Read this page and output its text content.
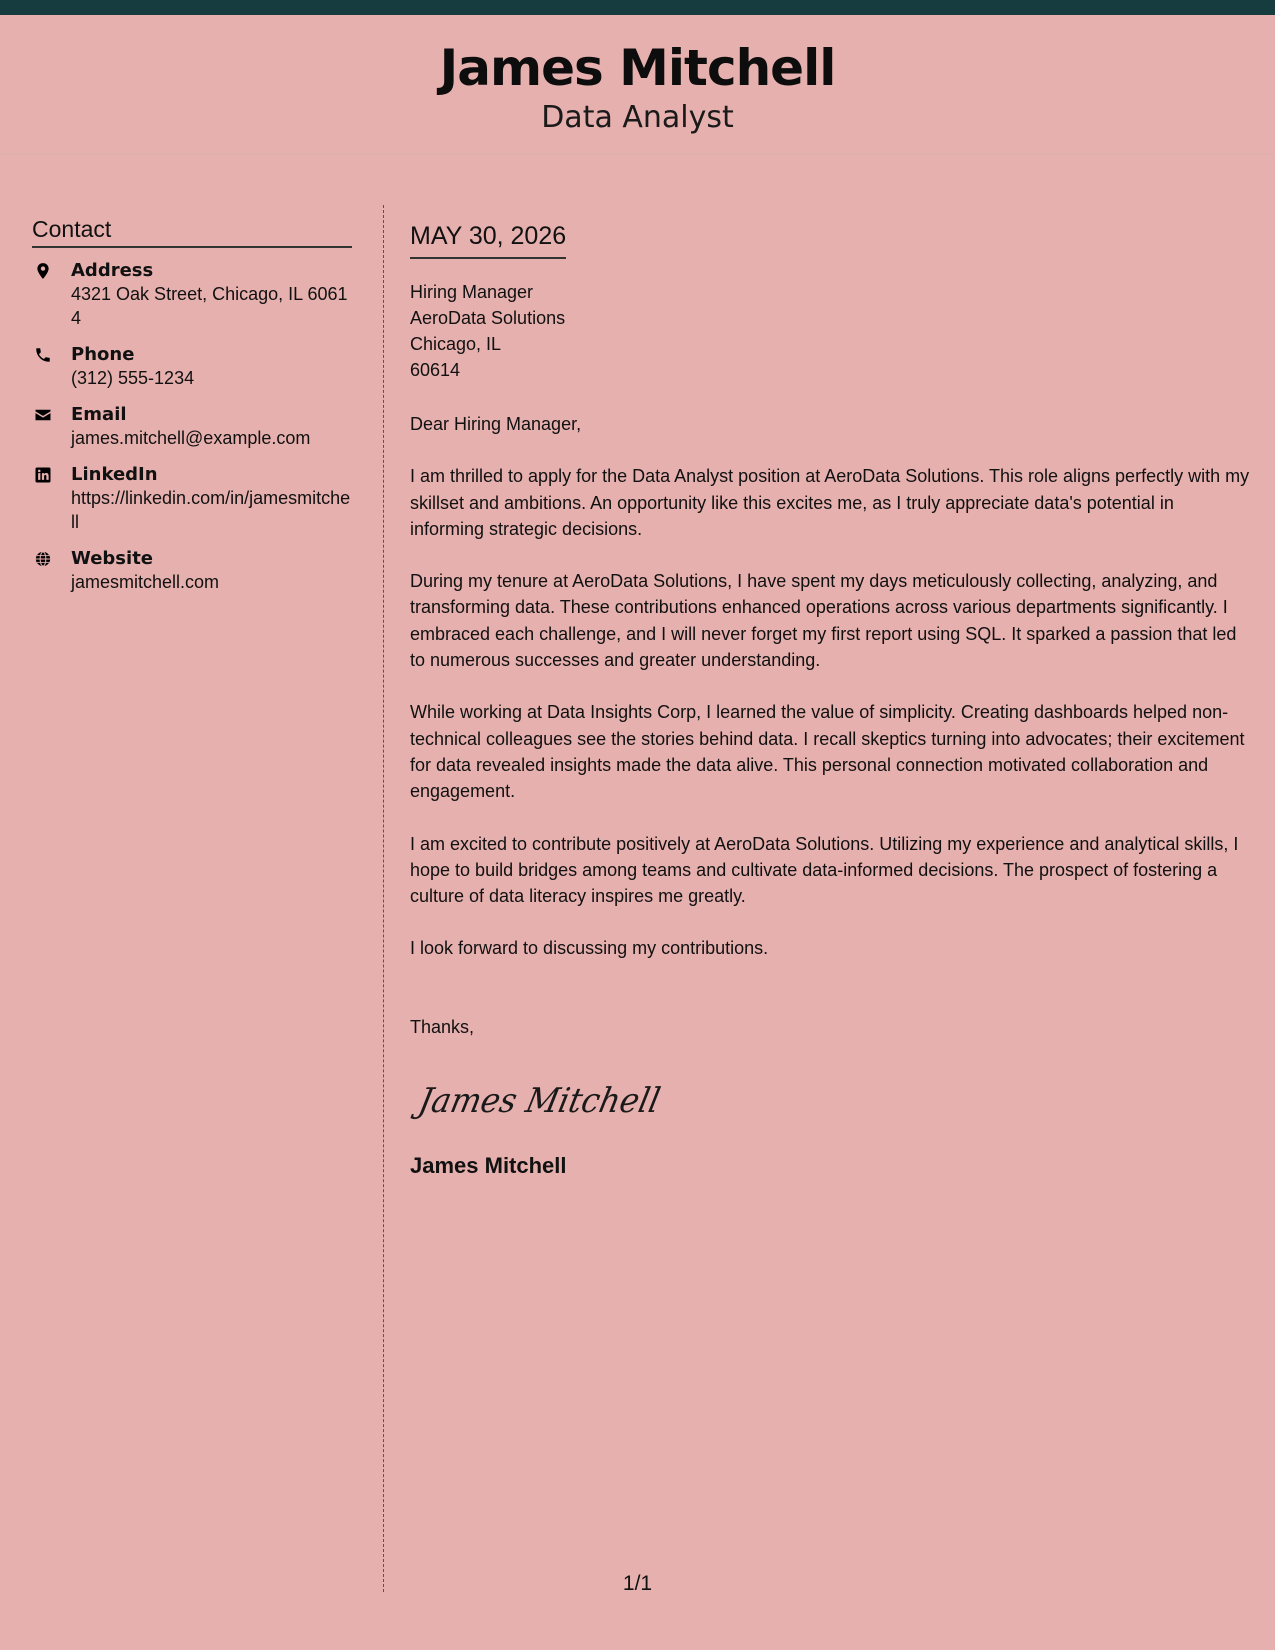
James Mitchell
Data Analyst
Contact
Address
4321 Oak Street, Chicago, IL 60614
Phone
(312) 555-1234
Email
james.mitchell@example.com
LinkedIn
https://linkedin.com/in/jamesmitchell
Website
jamesmitchell.com
MAY 30, 2026
Hiring Manager
AeroData Solutions
Chicago, IL
60614
Dear Hiring Manager,
I am thrilled to apply for the Data Analyst position at AeroData Solutions. This role aligns perfectly with my skillset and ambitions. An opportunity like this excites me, as I truly appreciate data's potential in informing strategic decisions.
During my tenure at AeroData Solutions, I have spent my days meticulously collecting, analyzing, and transforming data. These contributions enhanced operations across various departments significantly. I embraced each challenge, and I will never forget my first report using SQL. It sparked a passion that led to numerous successes and greater understanding.
While working at Data Insights Corp, I learned the value of simplicity. Creating dashboards helped non-technical colleagues see the stories behind data. I recall skeptics turning into advocates; their excitement for data revealed insights made the data alive. This personal connection motivated collaboration and engagement.
I am excited to contribute positively at AeroData Solutions. Utilizing my experience and analytical skills, I hope to build bridges among teams and cultivate data-informed decisions. The prospect of fostering a culture of data literacy inspires me greatly.
I look forward to discussing my contributions.
Thanks,
James Mitchell
James Mitchell
1/1
